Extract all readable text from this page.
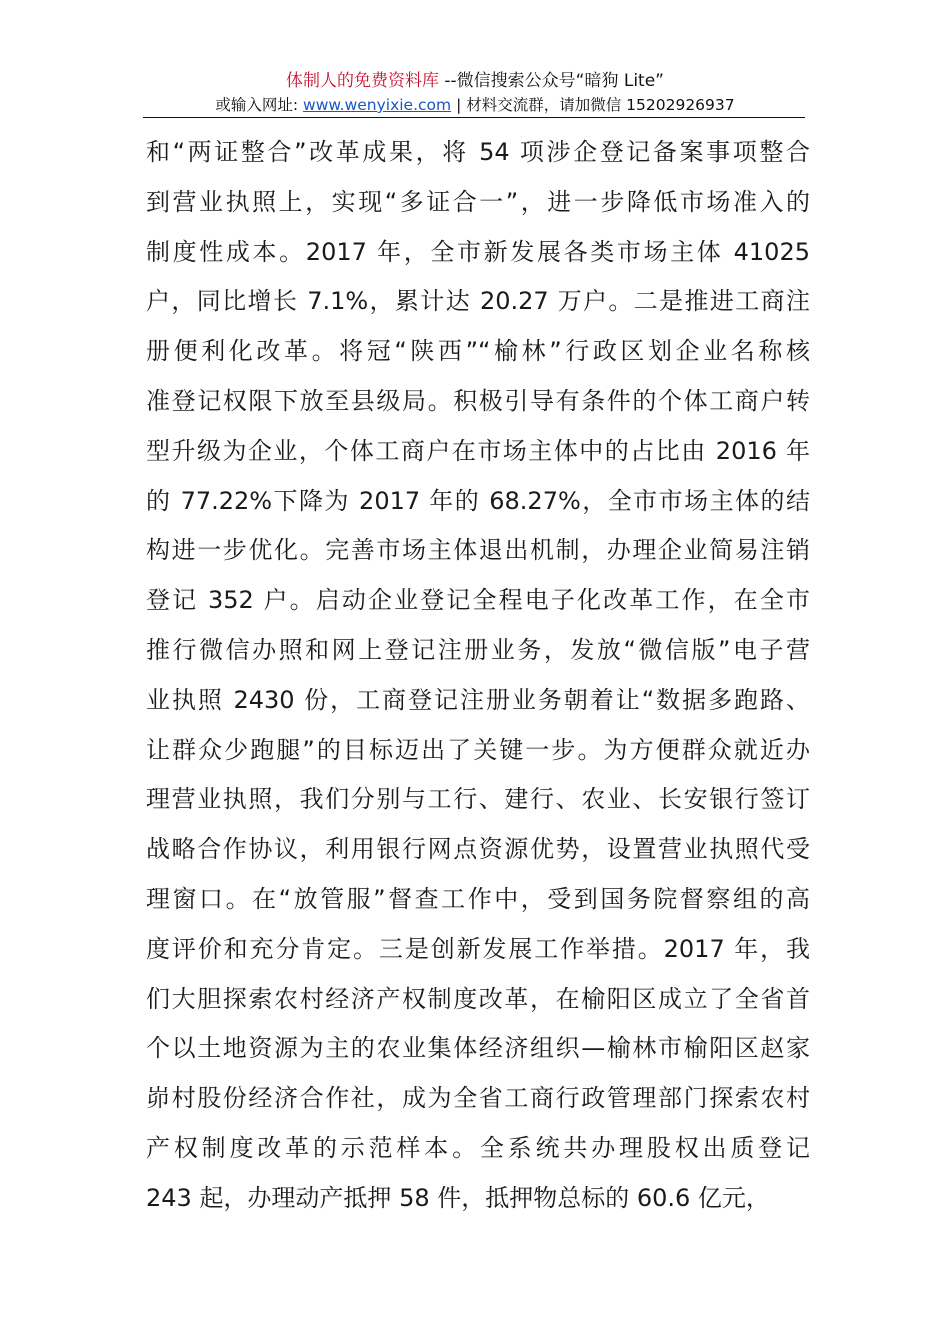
体制人的免费资料库 --微信搜索公众号“暗狗 Lite”
或输入网址: www.wenyixie.com | 材料交流群，请加微信 15202926937
和“两证整合”改革成果，将 54 项涉企登记备案事项整合
到营业执照上，实现“多证合一”，进一步降低市场准入的
制度性成本。2017 年，全市新发展各类市场主体 41025
户，同比增长 7.1%，累计达 20.27 万户。二是推进工商注
册便利化改革。将冠“陕西”“榆林”行政区划企业名称核
准登记权限下放至县级局。积极引导有条件的个体工商户转
型升级为企业，个体工商户在市场主体中的占比由 2016 年
的 77.22%下降为 2017 年的 68.27%，全市市场主体的结
构进一步优化。完善市场主体退出机制，办理企业简易注销
登记 352 户。启动企业登记全程电子化改革工作，在全市
推行微信办照和网上登记注册业务，发放“微信版”电子营
业执照 2430 份，工商登记注册业务朝着让“数据多跑路、
让群众少跑腿”的目标迈出了关键一步。为方便群众就近办
理营业执照，我们分别与工行、建行、农业、长安银行签订
战略合作协议，利用银行网点资源优势，设置营业执照代受
理窗口。在“放管服”督查工作中，受到国务院督察组的高
度评价和充分肯定。三是创新发展工作举措。2017 年，我
们大胆探索农村经济产权制度改革，在榆阳区成立了全省首
个以土地资源为主的农业集体经济组织—榆林市榆阳区赵家
峁村股份经济合作社，成为全省工商行政管理部门探索农村
产权制度改革的示范样本。全系统共办理股权出质登记
243 起，办理动产抵押 58 件，抵押物总标的 60.6 亿元，
